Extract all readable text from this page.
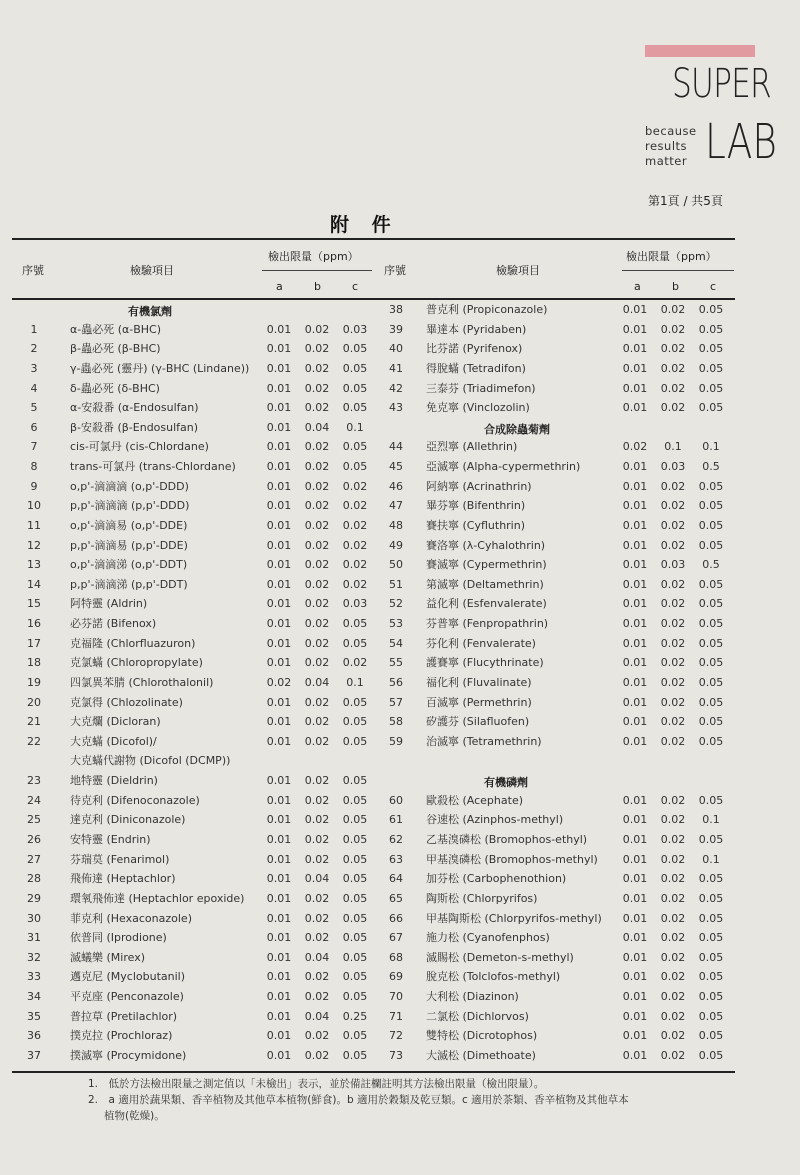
SUPER
LAB
because
results
matter
第1頁 / 共5頁
附 件
序號	檢驗項目
檢出限量（ppm）
a	b	c
序號	檢驗項目
檢出限量（ppm）
a	b	c
有機氯劑
1	α-蟲必死 (α-BHC)	0.01	0.02	0.03
2	β-蟲必死 (β-BHC)	0.01	0.02	0.05
3	γ-蟲必死 (靈丹) (γ-BHC (Lindane))	0.01	0.02	0.05
4	δ-蟲必死 (δ-BHC)	0.01	0.02	0.05
5	α-安殺番 (α-Endosulfan)	0.01	0.02	0.05
6	β-安殺番 (β-Endosulfan)	0.01	0.04	0.1
7	cis-可氯丹 (cis-Chlordane)	0.01	0.02	0.05
8	trans-可氯丹 (trans-Chlordane)	0.01	0.02	0.05
9	o,p'-滴滴滴 (o,p'-DDD)	0.01	0.02	0.02
10	p,p'-滴滴滴 (p,p'-DDD)	0.01	0.02	0.02
11	o,p'-滴滴易 (o,p'-DDE)	0.01	0.02	0.02
12	p,p'-滴滴易 (p,p'-DDE)	0.01	0.02	0.02
13	o,p'-滴滴涕 (o,p'-DDT)	0.01	0.02	0.02
14	p,p'-滴滴涕 (p,p'-DDT)	0.01	0.02	0.02
15	阿特靈 (Aldrin)	0.01	0.02	0.03
16	必芬諾 (Bifenox)	0.01	0.02	0.05
17	克福隆 (Chlorfluazuron)	0.01	0.02	0.05
18	克氯蟎 (Chloropropylate)	0.01	0.02	0.02
19	四氯異苯腈 (Chlorothalonil)	0.02	0.04	0.1
20	克氯得 (Chlozolinate)	0.01	0.02	0.05
21	大克爛 (Dicloran)	0.01	0.02	0.05
22	大克蟎 (Dicofol)/	0.01	0.02	0.05
大克蟎代謝物 (Dicofol (DCMP))
23	地特靈 (Dieldrin)	0.01	0.02	0.05
24	待克利 (Difenoconazole)	0.01	0.02	0.05
25	達克利 (Diniconazole)	0.01	0.02	0.05
26	安特靈 (Endrin)	0.01	0.02	0.05
27	芬瑞莫 (Fenarimol)	0.01	0.02	0.05
28	飛佈達 (Heptachlor)	0.01	0.04	0.05
29	環氧飛佈達 (Heptachlor epoxide)	0.01	0.02	0.05
30	菲克利 (Hexaconazole)	0.01	0.02	0.05
31	依普同 (Iprodione)	0.01	0.02	0.05
32	滅蟻樂 (Mirex)	0.01	0.04	0.05
33	邁克尼 (Myclobutanil)	0.01	0.02	0.05
34	平克座 (Penconazole)	0.01	0.02	0.05
35	普拉草 (Pretilachlor)	0.01	0.04	0.25
36	撲克拉 (Prochloraz)	0.01	0.02	0.05
37	撲滅寧 (Procymidone)	0.01	0.02	0.05
38	普克利 (Propiconazole)	0.01	0.02	0.05
39	畢達本 (Pyridaben)	0.01	0.02	0.05
40	比芬諾 (Pyrifenox)	0.01	0.02	0.05
41	得脫蟎 (Tetradifon)	0.01	0.02	0.05
42	三泰芬 (Triadimefon)	0.01	0.02	0.05
43	免克寧 (Vinclozolin)	0.01	0.02	0.05
合成除蟲菊劑
44	亞烈寧 (Allethrin)	0.02	0.1	0.1
45	亞滅寧 (Alpha-cypermethrin)	0.01	0.03	0.5
46	阿納寧 (Acrinathrin)	0.01	0.02	0.05
47	畢芬寧 (Bifenthrin)	0.01	0.02	0.05
48	賽扶寧 (Cyfluthrin)	0.01	0.02	0.05
49	賽洛寧 (λ-Cyhalothrin)	0.01	0.02	0.05
50	賽滅寧 (Cypermethrin)	0.01	0.03	0.5
51	第滅寧 (Deltamethrin)	0.01	0.02	0.05
52	益化利 (Esfenvalerate)	0.01	0.02	0.05
53	芬普寧 (Fenpropathrin)	0.01	0.02	0.05
54	芬化利 (Fenvalerate)	0.01	0.02	0.05
55	護賽寧 (Flucythrinate)	0.01	0.02	0.05
56	福化利 (Fluvalinate)	0.01	0.02	0.05
57	百滅寧 (Permethrin)	0.01	0.02	0.05
58	矽護芬 (Silafluofen)	0.01	0.02	0.05
59	治滅寧 (Tetramethrin)	0.01	0.02	0.05
有機磷劑
60	歐殺松 (Acephate)	0.01	0.02	0.05
61	谷速松 (Azinphos-methyl)	0.01	0.02	0.1
62	乙基溴磷松 (Bromophos-ethyl)	0.01	0.02	0.05
63	甲基溴磷松 (Bromophos-methyl)	0.01	0.02	0.1
64	加芬松 (Carbophenothion)	0.01	0.02	0.05
65	陶斯松 (Chlorpyrifos)	0.01	0.02	0.05
66	甲基陶斯松 (Chlorpyrifos-methyl)	0.01	0.02	0.05
67	施力松 (Cyanofenphos)	0.01	0.02	0.05
68	滅賜松 (Demeton-s-methyl)	0.01	0.02	0.05
69	脫克松 (Tolclofos-methyl)	0.01	0.02	0.05
70	大利松 (Diazinon)	0.01	0.02	0.05
71	二氯松 (Dichlorvos)	0.01	0.02	0.05
72	雙特松 (Dicrotophos)	0.01	0.02	0.05
73	大滅松 (Dimethoate)	0.01	0.02	0.05
1.　低於方法檢出限量之測定值以「未檢出」表示，並於備註欄註明其方法檢出限量（檢出限量）。
2.　a 適用於蔬果類、香辛植物及其他草本植物(鮮食)。b 適用於穀類及乾豆類。c 適用於茶類、香辛植物及其他草本
植物(乾燥)。
